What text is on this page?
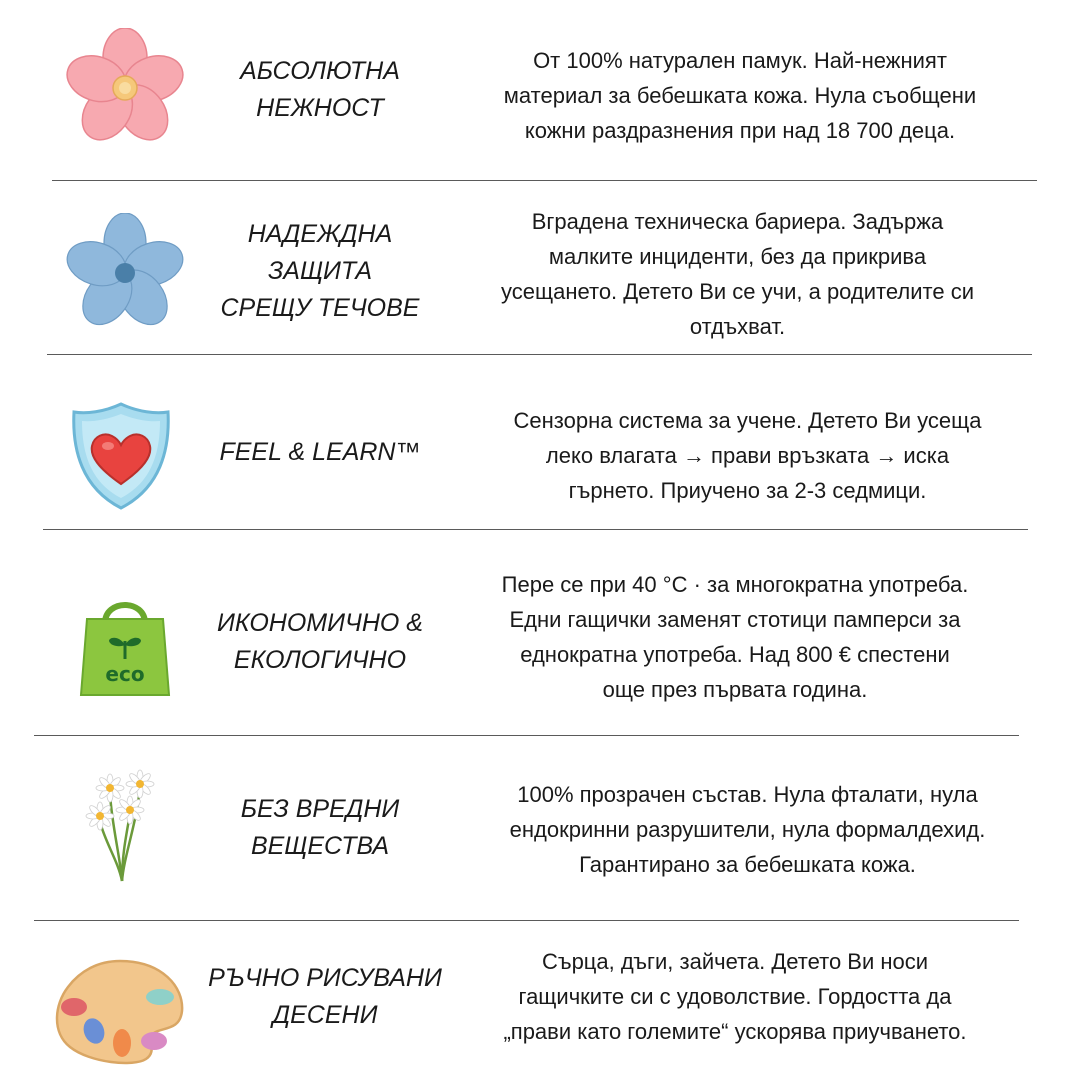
АБСОЛЮТНА
НЕЖНОСТ
От 100% натурален памук. Най-нежният
материал за бебешката кожа. Нула съобщени
кожни раздразнения при над 18 700 деца.
НАДЕЖДНА
ЗАЩИТА
СРЕЩУ ТЕЧОВЕ
Вградена техническа бариера. Задържа
малките инциденти, без да прикрива
усещането. Детето Ви се учи, а родителите си
отдъхват.
FEEL & LEARN™
Сензорна система за учене. Детето Ви усеща
леко влагата → прави връзката → иска
гърнето. Приучено за 2-3 седмици.
eco
ИКОНОМИЧНО &
ЕКОЛОГИЧНО
Пере се при 40 °C · за многократна употреба.
Едни гащички заменят стотици памперси за
еднократна употреба. Над 800 € спестени
още през първата година.
БЕЗ ВРЕДНИ
ВЕЩЕСТВА
100% прозрачен състав. Нула фталати, нула
ендокринни разрушители, нула формалдехид.
Гарантирано за бебешката кожа.
РЪЧНО РИСУВАНИ
ДЕСЕНИ
Сърца, дъги, зайчета. Детето Ви носи
гащичките си с удоволствие. Гордостта да
„прави като големите“ ускорява приучването.
